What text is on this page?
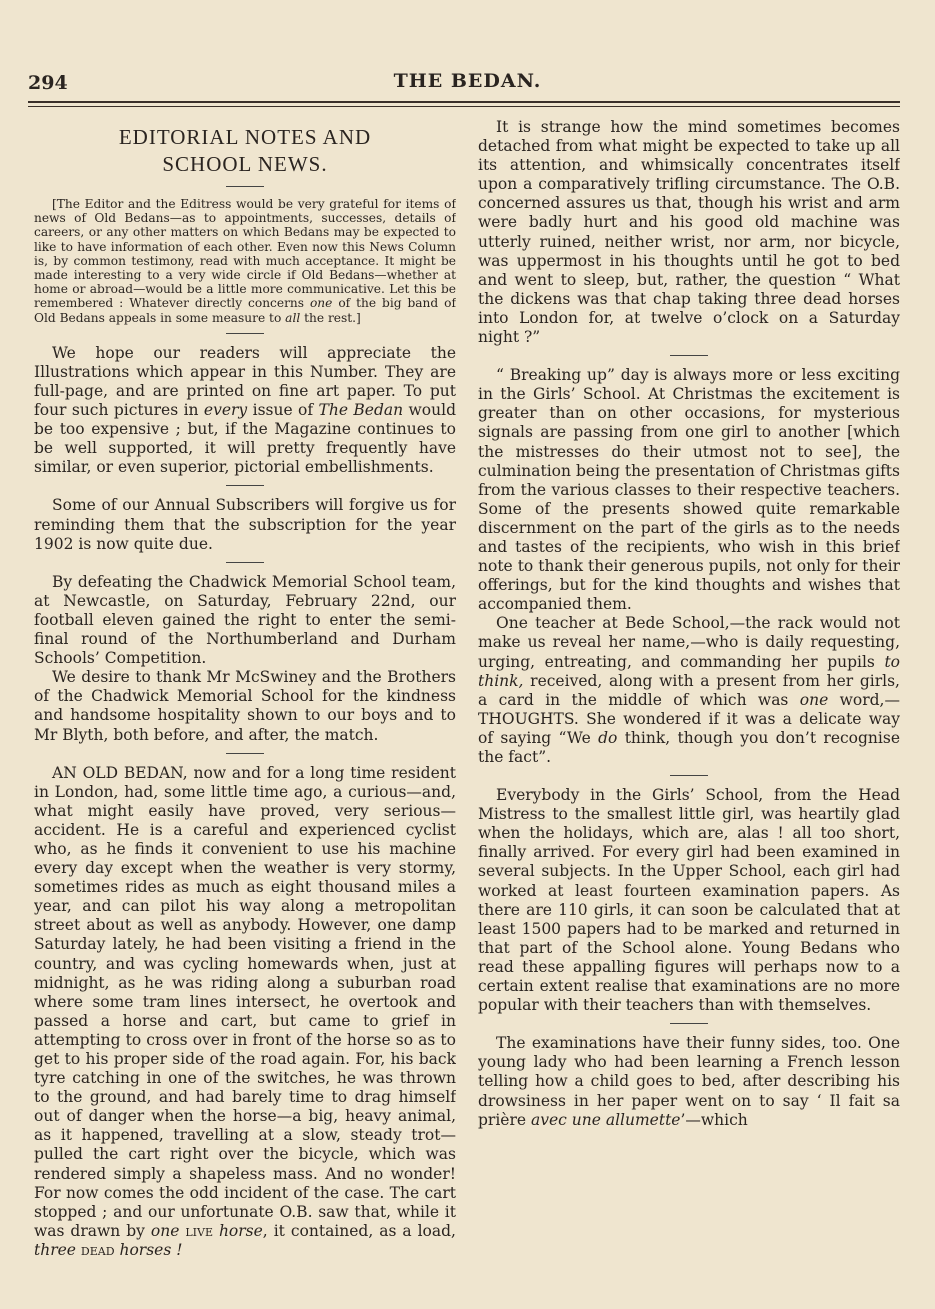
294	THE BEDAN.
EDITORIAL NOTES AND
SCHOOL NEWS.

[The Editor and the Editress would be very grateful for items of news of Old Bedans—as to appointments, successes, details of careers, or any other matters on which Bedans may be expected to like to have information of each other. Even now this News Column is, by common testimony, read with much acceptance. It might be made interesting to a very wide circle if Old Bedans—whether at home or abroad—would be a little more communicative. Let this be remembered : Whatever directly concerns one of the big band of Old Bedans appeals in some measure to all the rest.]

We hope our readers will appreciate the Illustrations which appear in this Number. They are full-page, and are printed on fine art paper. To put four such pictures in every issue of The Bedan would be too expensive ; but, if the Magazine continues to be well supported, it will pretty frequently have similar, or even superior, pictorial embellishments.

Some of our Annual Subscribers will forgive us for reminding them that the subscription for the year 1902 is now quite due.

By defeating the Chadwick Memorial School team, at Newcastle, on Saturday, February 22nd, our football eleven gained the right to enter the semi-final round of the Northumberland and Durham Schools’ Competition.

We desire to thank Mr McSwiney and the Brothers of the Chadwick Memorial School for the kindness and handsome hospitality shown to our boys and to Mr Blyth, both before, and after, the match.

AN OLD BEDAN, now and for a long time resident in London, had, some little time ago, a curious—and, what might easily have proved, very serious—accident. He is a careful and experienced cyclist who, as he finds it convenient to use his machine every day except when the weather is very stormy, sometimes rides as much as eight thousand miles a year, and can pilot his way along a metropolitan street about as well as anybody. However, one damp Saturday lately, he had been visiting a friend in the country, and was cycling homewards when, just at midnight, as he was riding along a suburban road where some tram lines intersect, he overtook and passed a horse and cart, but came to grief in attempting to cross over in front of the horse so as to get to his proper side of the road again. For, his back tyre catching in one of the switches, he was thrown to the ground, and had barely time to drag himself out of danger when the horse—a big, heavy animal, as it happened, travelling at a slow, steady trot—pulled the cart right over the bicycle, which was rendered simply a shapeless mass. And no wonder! For now comes the odd incident of the case. The cart stopped ; and our unfortunate O.B. saw that, while it was drawn by one live horse, it contained, as a load, three dead horses !

It is strange how the mind sometimes becomes detached from what might be expected to take up all its attention, and whimsically concentrates itself upon a comparatively trifling circumstance. The O.B. concerned assures us that, though his wrist and arm were badly hurt and his good old machine was utterly ruined, neither wrist, nor arm, nor bicycle, was uppermost in his thoughts until he got to bed and went to sleep, but, rather, the question “ What the dickens was that chap taking three dead horses into London for, at twelve o’clock on a Saturday night ?”

“ Breaking up” day is always more or less exciting in the Girls’ School. At Christmas the excitement is greater than on other occasions, for mysterious signals are passing from one girl to another [which the mistresses do their utmost not to see], the culmination being the presentation of Christmas gifts from the various classes to their respective teachers. Some of the presents showed quite remarkable discernment on the part of the girls as to the needs and tastes of the recipients, who wish in this brief note to thank their generous pupils, not only for their offerings, but for the kind thoughts and wishes that accompanied them.

One teacher at Bede School,—the rack would not make us reveal her name,—who is daily requesting, urging, entreating, and commanding her pupils to think, received, along with a present from her girls, a card in the middle of which was one word,—THOUGHTS. She wondered if it was a delicate way of saying “We do think, though you don’t recognise the fact”.

Everybody in the Girls’ School, from the Head Mistress to the smallest little girl, was heartily glad when the holidays, which are, alas ! all too short, finally arrived. For every girl had been examined in several subjects. In the Upper School, each girl had worked at least fourteen examination papers. As there are 110 girls, it can soon be calculated that at least 1500 papers had to be marked and returned in that part of the School alone. Young Bedans who read these appalling figures will perhaps now to a certain extent realise that examinations are no more popular with their teachers than with themselves.

The examinations have their funny sides, too. One young lady who had been learning a French lesson telling how a child goes to bed, after describing his drowsiness in her paper went on to say ‘ Il fait sa prière avec une allumette’—which
